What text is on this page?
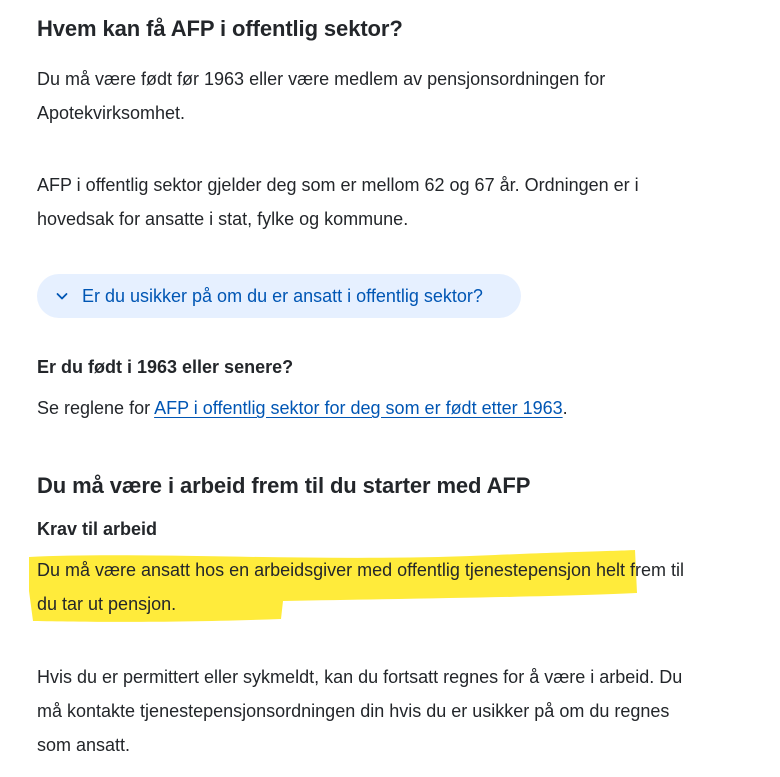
Hvem kan få AFP i offentlig sektor?

Du må være født før 1963 eller være medlem av pensjonsordningen for Apotekvirksomhet.

AFP i offentlig sektor gjelder deg som er mellom 62 og 67 år. Ordningen er i hovedsak for ansatte i stat, fylke og kommune.

Er du usikker på om du er ansatt i offentlig sektor?
Er du født i 1963 eller senere?

Se reglene for AFP i offentlig sektor for deg som er født etter 1963.

Du må være i arbeid frem til du starter med AFP
Krav til arbeid

Du må være ansatt hos en arbeidsgiver med offentlig tjenestepensjon helt frem til du tar ut pensjon.

Hvis du er permittert eller sykmeldt, kan du fortsatt regnes for å være i arbeid. Du må kontakte tjenestepensjonsordningen din hvis du er usikker på om du regnes som ansatt.
